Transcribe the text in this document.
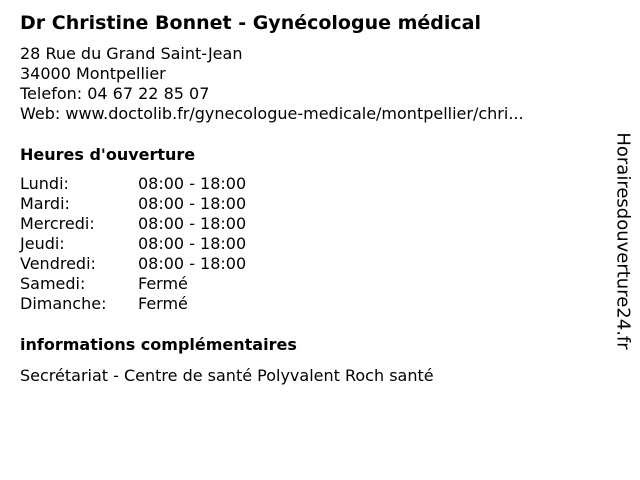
Dr Christine Bonnet - Gynécologue médical
28 Rue du Grand Saint-Jean
34000 Montpellier
Telefon: 04 67 22 85 07
Web: www.doctolib.fr/gynecologue-medicale/montpellier/chri...
Heures d'ouverture
Lundi:	08:00 - 18:00
Mardi:	08:00 - 18:00
Mercredi:	08:00 - 18:00
Jeudi:	08:00 - 18:00
Vendredi:	08:00 - 18:00
Samedi:	Fermé
Dimanche:	Fermé
informations complémentaires
Secrétariat - Centre de santé Polyvalent Roch santé
Horairesdouverture24.fr
